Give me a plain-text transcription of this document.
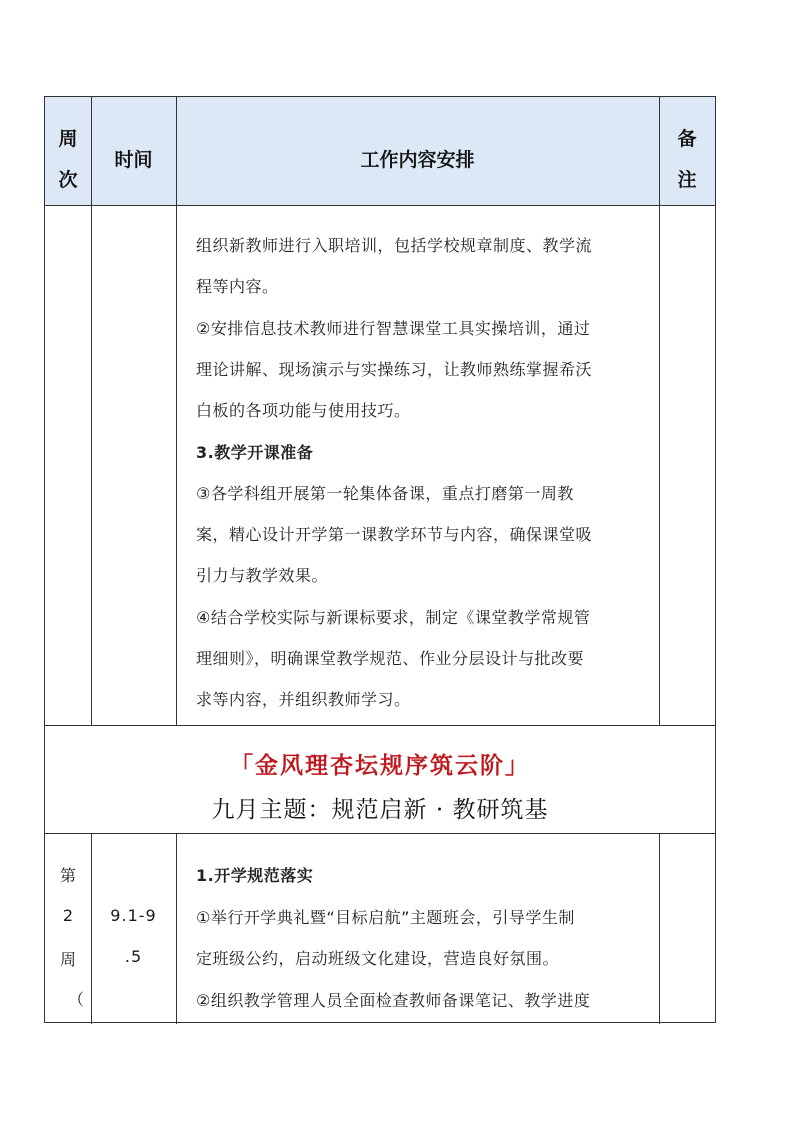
周
次
时间	工作内容安排
备
注
组织新教师进行入职培训，包括学校规章制度、教学流
程等内容。
②安排信息技术教师进行智慧课堂工具实操培训，通过
理论讲解、现场演示与实操练习，让教师熟练掌握希沃
白板的各项功能与使用技巧。
3.教学开课准备
③各学科组开展第一轮集体备课，重点打磨第一周教
案，精心设计开学第一课教学环节与内容，确保课堂吸
引力与教学效果。
④结合学校实际与新课标要求，制定《课堂教学常规管
理细则》，明确课堂教学规范、作业分层设计与批改要
求等内容，并组织教师学习。
「金风理杏坛规序筑云阶」
九月主题：规范启新 · 教研筑基
第
2
周
（
9.1-9
.5
1.开学规范落实
①举行开学典礼暨“目标启航”主题班会，引导学生制
定班级公约，启动班级文化建设，营造良好氛围。
②组织教学管理人员全面检查教师备课笔记、教学进度
